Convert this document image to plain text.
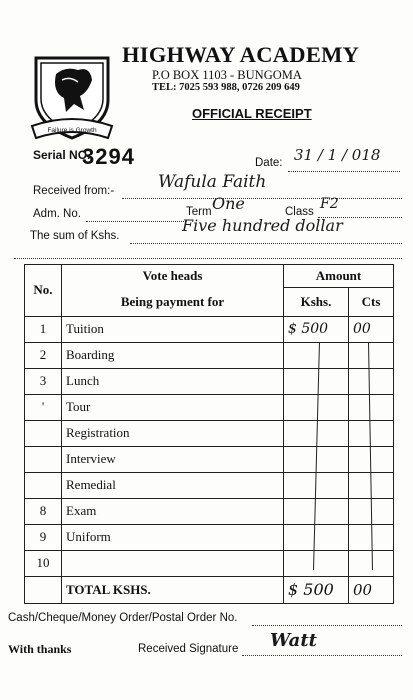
Failure is Growth
HIGHWAY ACADEMY
P.O BOX 1103 - BUNGOMA
TEL: 7025 593 988, 0726 209 649
OFFICIAL RECEIPT
Serial NO.
3294	Date: 31 / 1 / 018
Received from:-	Wafula Faith
Adm. No.	Term One	Class F2
The sum of Kshs.
Five hundred dollar
No.	Vote heads	Amount	
	Being payment for	Kshs.	Cts
1	Tuition	$ 500	00
2	Boarding		
3	Lunch		
'	Tour		
	Registration		
	Interview		
	Remedial		
8	Exam		
9	Uniform		
10			
	TOTAL KSHS.	$ 500	00
Cash/Cheque/Money Order/Postal Order No.
With thanks	Received Signature Watt
